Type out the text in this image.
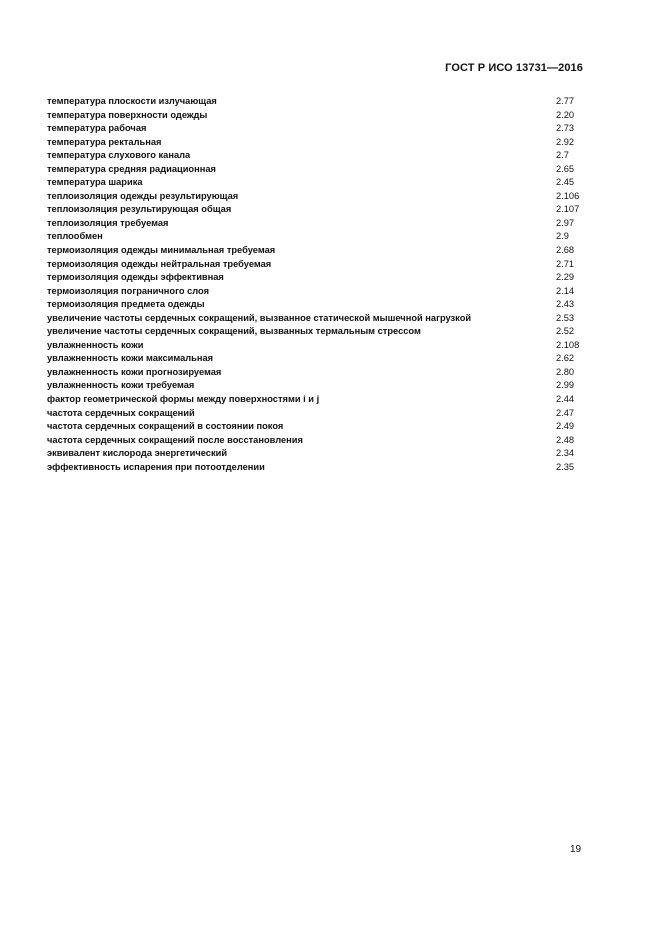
ГОСТ Р ИСО 13731—2016
температура плоскости излучающая	2.77
температура поверхности одежды	2.20
температура рабочая	2.73
температура ректальная	2.92
температура слухового канала	2.7
температура средняя радиационная	2.65
температура шарика	2.45
теплоизоляция одежды результирующая	2.106
теплоизоляция результирующая общая	2.107
теплоизоляция требуемая	2.97
теплообмен	2.9
термоизоляция одежды минимальная требуемая	2.68
термоизоляция одежды нейтральная требуемая	2.71
термоизоляция одежды эффективная	2.29
термоизоляция пограничного слоя	2.14
термоизоляция предмета одежды	2.43
увеличение частоты сердечных сокращений, вызванное статической мышечной нагрузкой	2.53
увеличение частоты сердечных сокращений, вызванных термальным стрессом	2.52
увлажненность кожи	2.108
увлажненность кожи максимальная	2.62
увлажненность кожи прогнозируемая	2.80
увлажненность кожи требуемая	2.99
фактор геометрической формы между поверхностями i и j	2.44
частота сердечных сокращений	2.47
частота сердечных сокращений в состоянии покоя	2.49
частота сердечных сокращений после восстановления	2.48
эквивалент кислорода энергетический	2.34
эффективность испарения при потоотделении	2.35
19
